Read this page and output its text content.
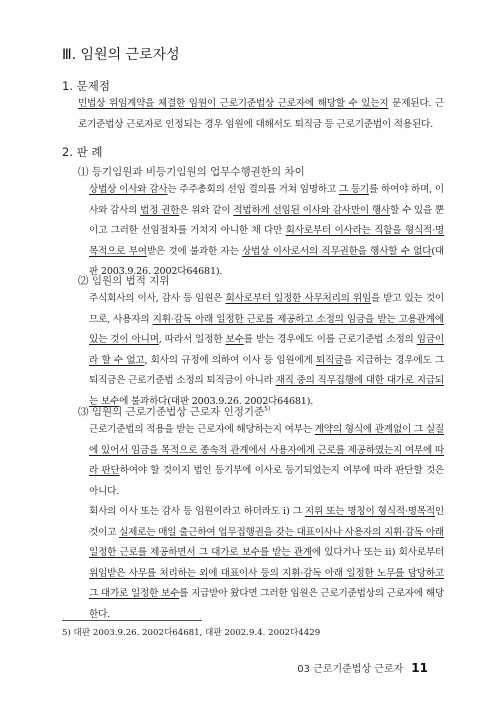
Ⅲ. 임원의 근로자성
1. 문제점
민법상 위임계약을 체결한 임원이 근로기준법상 근로자에 해당할 수 있는지 문제된다. 근로기준법상 근로자로 인정되는 경우 임원에 대해서도 퇴직금 등 근로기준법이 적용된다.
2. 판 례
⑴ 등기임원과 비등기임원의 업무수행권한의 차이
상법상 이사와 감사는 주주총회의 선임 결의를 거쳐 임명하고 그 등기를 하여야 하며, 이사와 감사의 법정 권한은 위와 같이 적법하게 선임된 이사와 감사만이 행사할 수 있을 뿐이고 그러한 선임절차를 거치지 아니한 채 다만 회사로부터 이사라는 직함을 형식적·명목적으로 부여받은 것에 불과한 자는 상법상 이사로서의 직무권한을 행사할 수 없다(대판 2003.9.26. 2002다64681).
⑵ 임원의 법적 지위
주식회사의 이사, 감사 등 임원은 회사로부터 일정한 사무처리의 위임을 받고 있는 것이므로, 사용자의 지휘·감독 아래 일정한 근로를 제공하고 소정의 임금을 받는 고용관계에 있는 것이 아니며, 따라서 일정한 보수를 받는 경우에도 이를 근로기준법 소정의 임금이라 할 수 없고, 회사의 규정에 의하여 이사 등 임원에게 퇴직금을 지급하는 경우에도 그 퇴직금은 근로기준법 소정의 퇴직금이 아니라 재직 중의 직무집행에 대한 대가로 지급되는 보수에 불과하다(대판 2003.9.26. 2002다64681).
⑶ 임원의 근로기준법상 근로자 인정기준$^{5)}$
근로기준법의 적용을 받는 근로자에 해당하는지 여부는 계약의 형식에 관계없이 그 실질에 있어서 임금을 목적으로 종속적 관계에서 사용자에게 근로를 제공하였는지 여부에 따라 판단하여야 할 것이지 법인 등기부에 이사로 등기되었는지 여부에 따라 판단할 것은 아니다.
회사의 이사 또는 감사 등 임원이라고 하더라도 ⅰ) 그 지위 또는 명칭이 형식적·명목적인 것이고 실제로는 매일 출근하여 업무집행권을 갖는 대표이사나 사용자의 지휘·감독 아래 일정한 근로를 제공하면서 그 대가로 보수를 받는 관계에 있다거나 또는 ⅱ) 회사로부터 위임받은 사무를 처리하는 외에 대표이사 등의 지휘·감독 아래 일정한 노무를 담당하고 그 대가로 일정한 보수를 지급받아 왔다면 그러한 임원은 근로기준법상의 근로자에 해당한다.
5) 대판 2003.9.26. 2002다64681, 대판 2002.9.4. 2002다4429
03 근로기준법상 근로자 11
